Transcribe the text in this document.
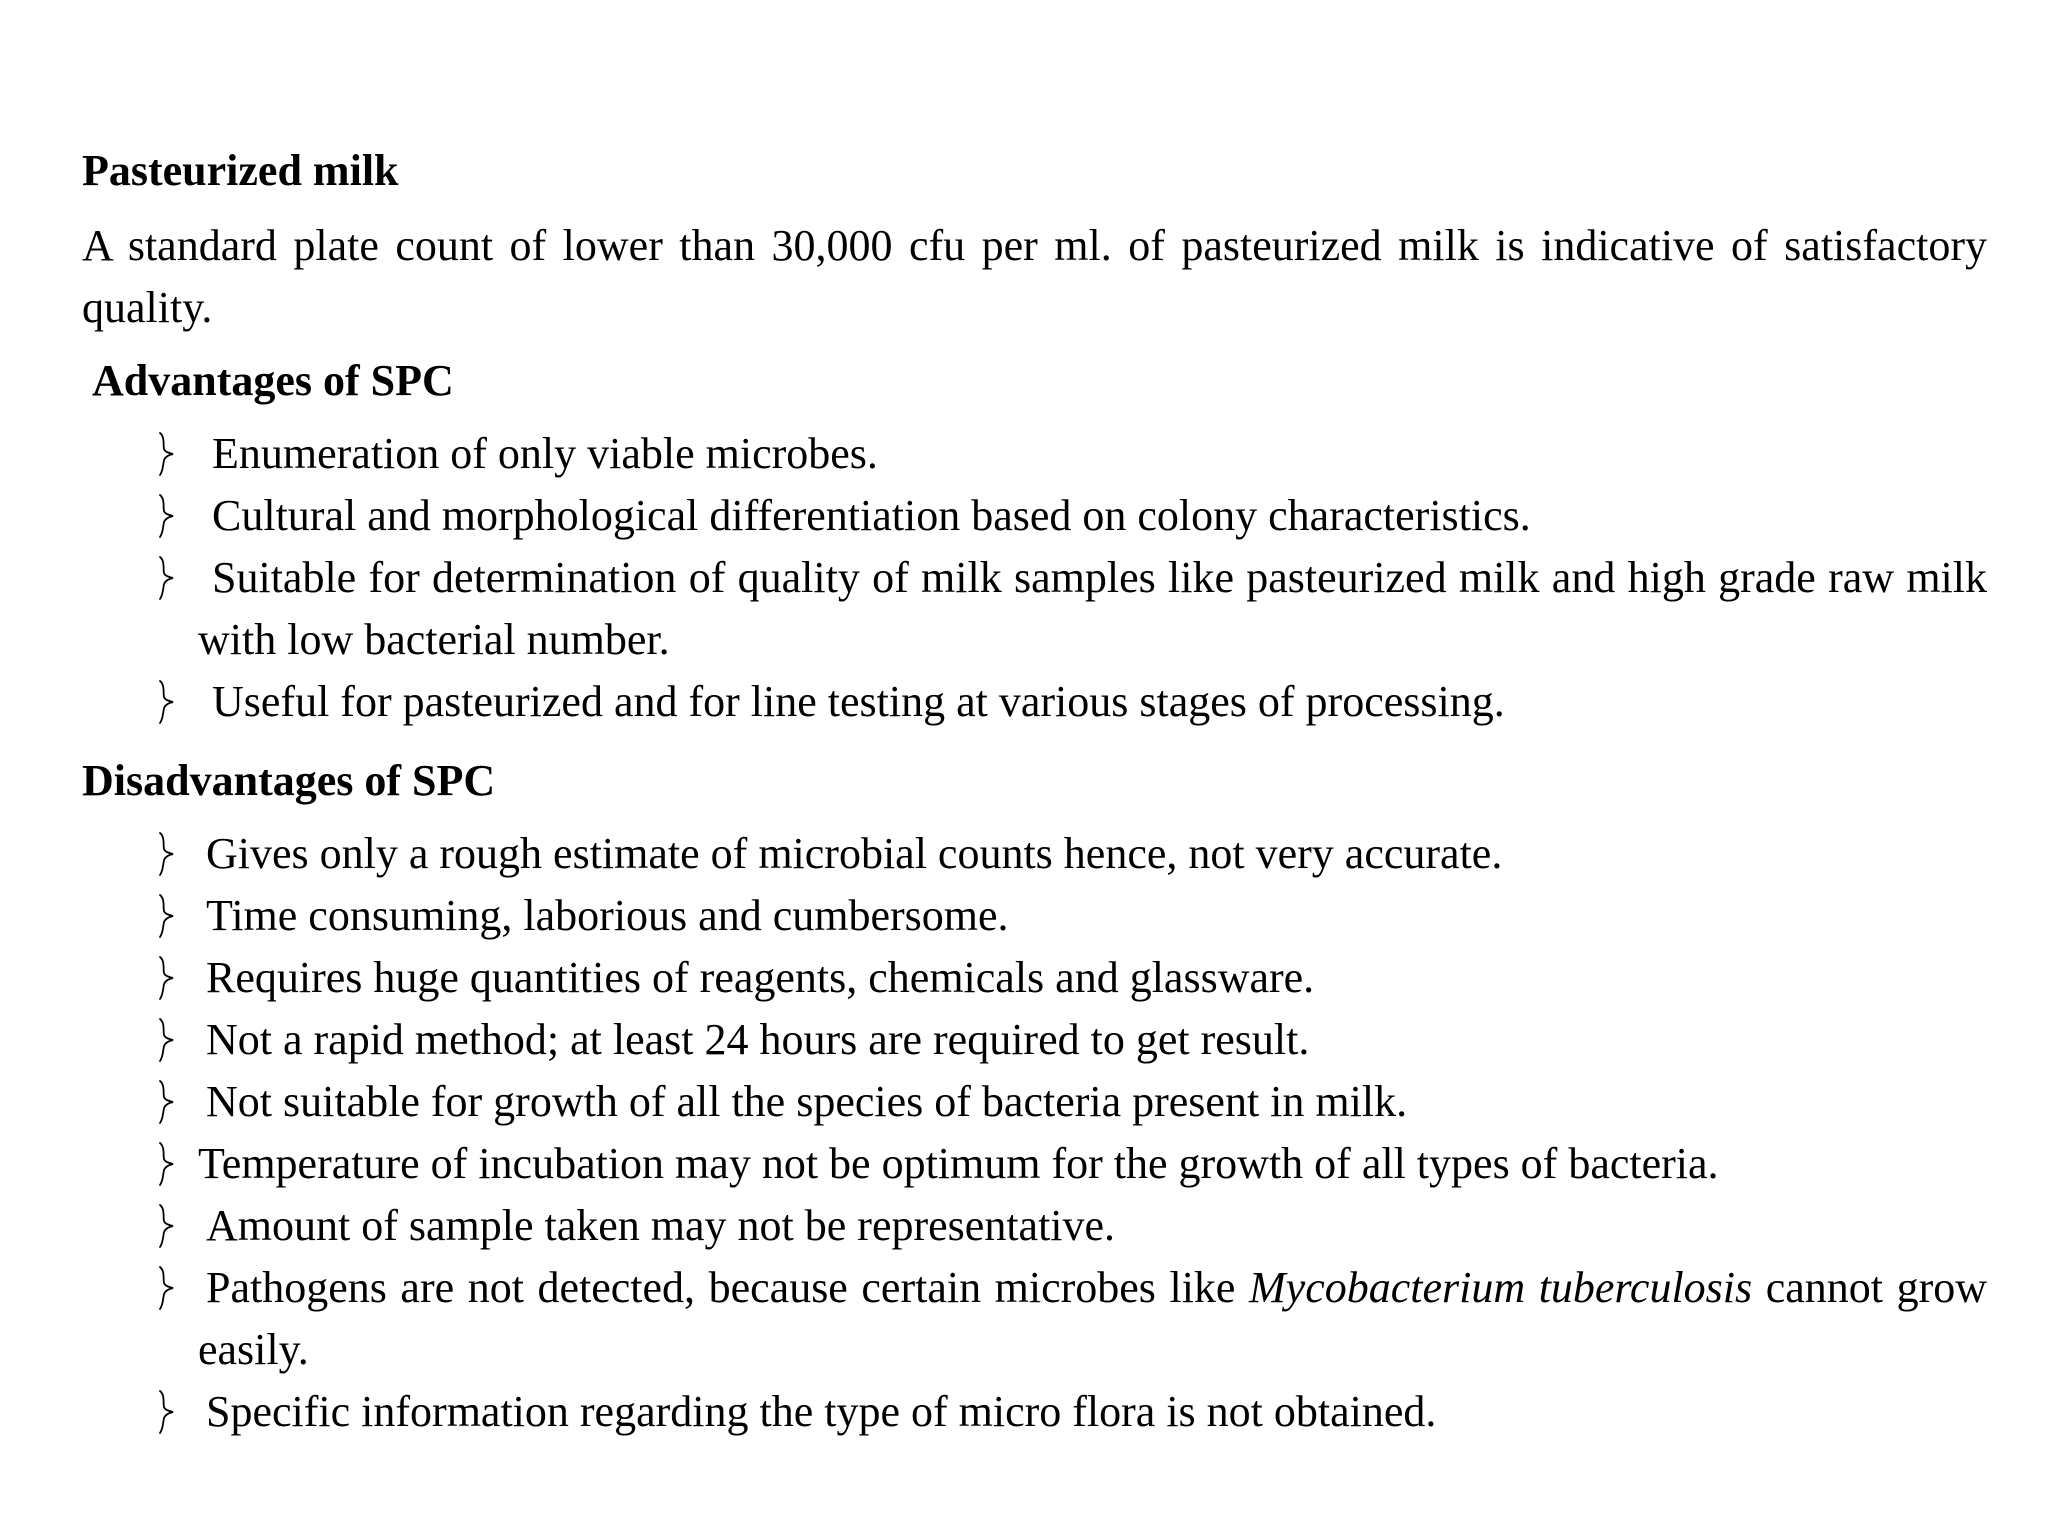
Pasteurized milk

A standard plate count of lower than 30,000 cfu per ml. of pasteurized milk is indicative of satisfactory quality.

Advantages of SPC

Enumeration of only viable microbes.
Cultural and morphological differentiation based on colony characteristics.
Suitable for determination of quality of milk samples like pasteurized milk and high grade raw milk with low bacterial number.
Useful for pasteurized and for line testing at various stages of processing.

Disadvantages of SPC

Gives only a rough estimate of microbial counts hence, not very accurate.
Time consuming, laborious and cumbersome.
Requires huge quantities of reagents, chemicals and glassware.
Not a rapid method; at least 24 hours are required to get result.
Not suitable for growth of all the species of bacteria present in milk.
Temperature of incubation may not be optimum for the growth of all types of bacteria.
Amount of sample taken may not be representative.
Pathogens are not detected, because certain microbes like Mycobacterium tuberculosis cannot grow easily.
Specific information regarding the type of micro flora is not obtained.
